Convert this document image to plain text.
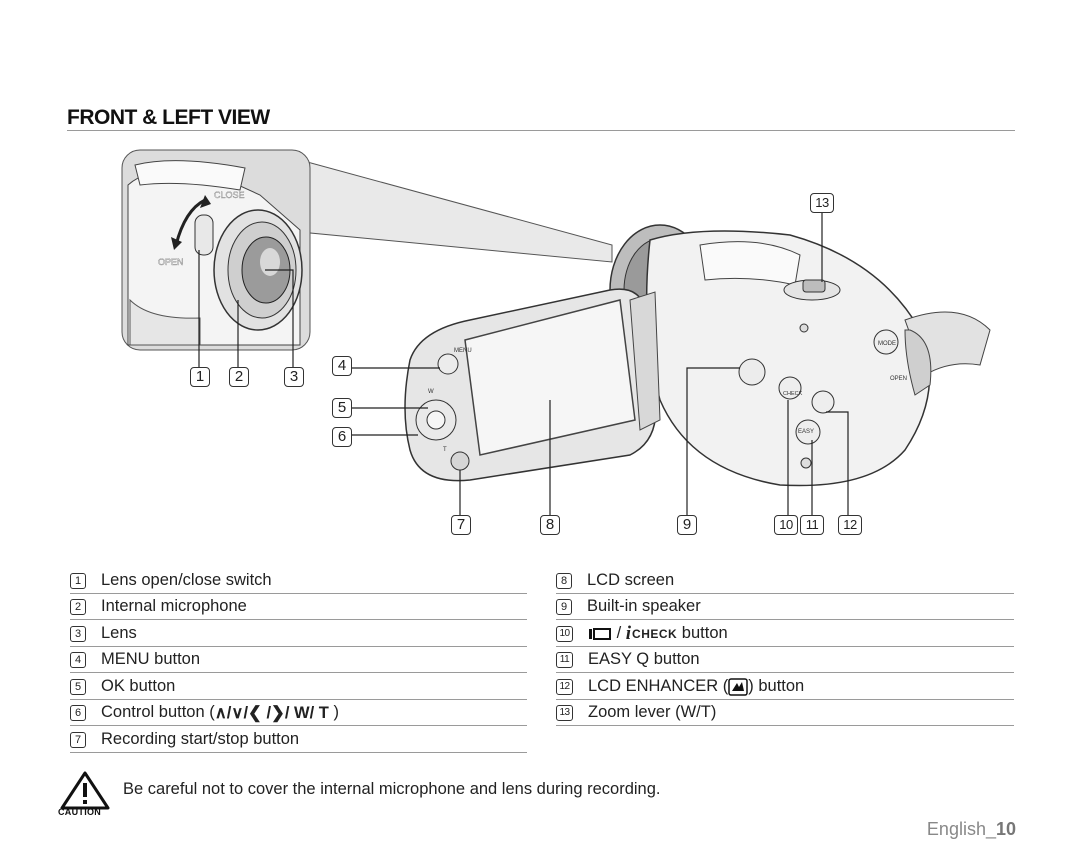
FRONT & LEFT VIEW
CLOSE
OPEN
MODE
OPEN
CHECK
EASY
MENU
W
T
1	2	3
4
5
6
7	8	9	10	11	12
13
1 Lens open/close switch
2 Internal microphone
3 Lens
4 MENU button
5 OK button
6 Control button ( ∧/∨/❮ /❯/ W/ T )
7 Recording start/stop button
8 LCD screen
9 Built-in speaker
10	/ i CHECK button
11 EASY Q button
12 LCD ENHANCER ( ) button
13 Zoom lever (W/T)
CAUTION
Be careful not to cover the internal microphone and lens during recording.
English_10
